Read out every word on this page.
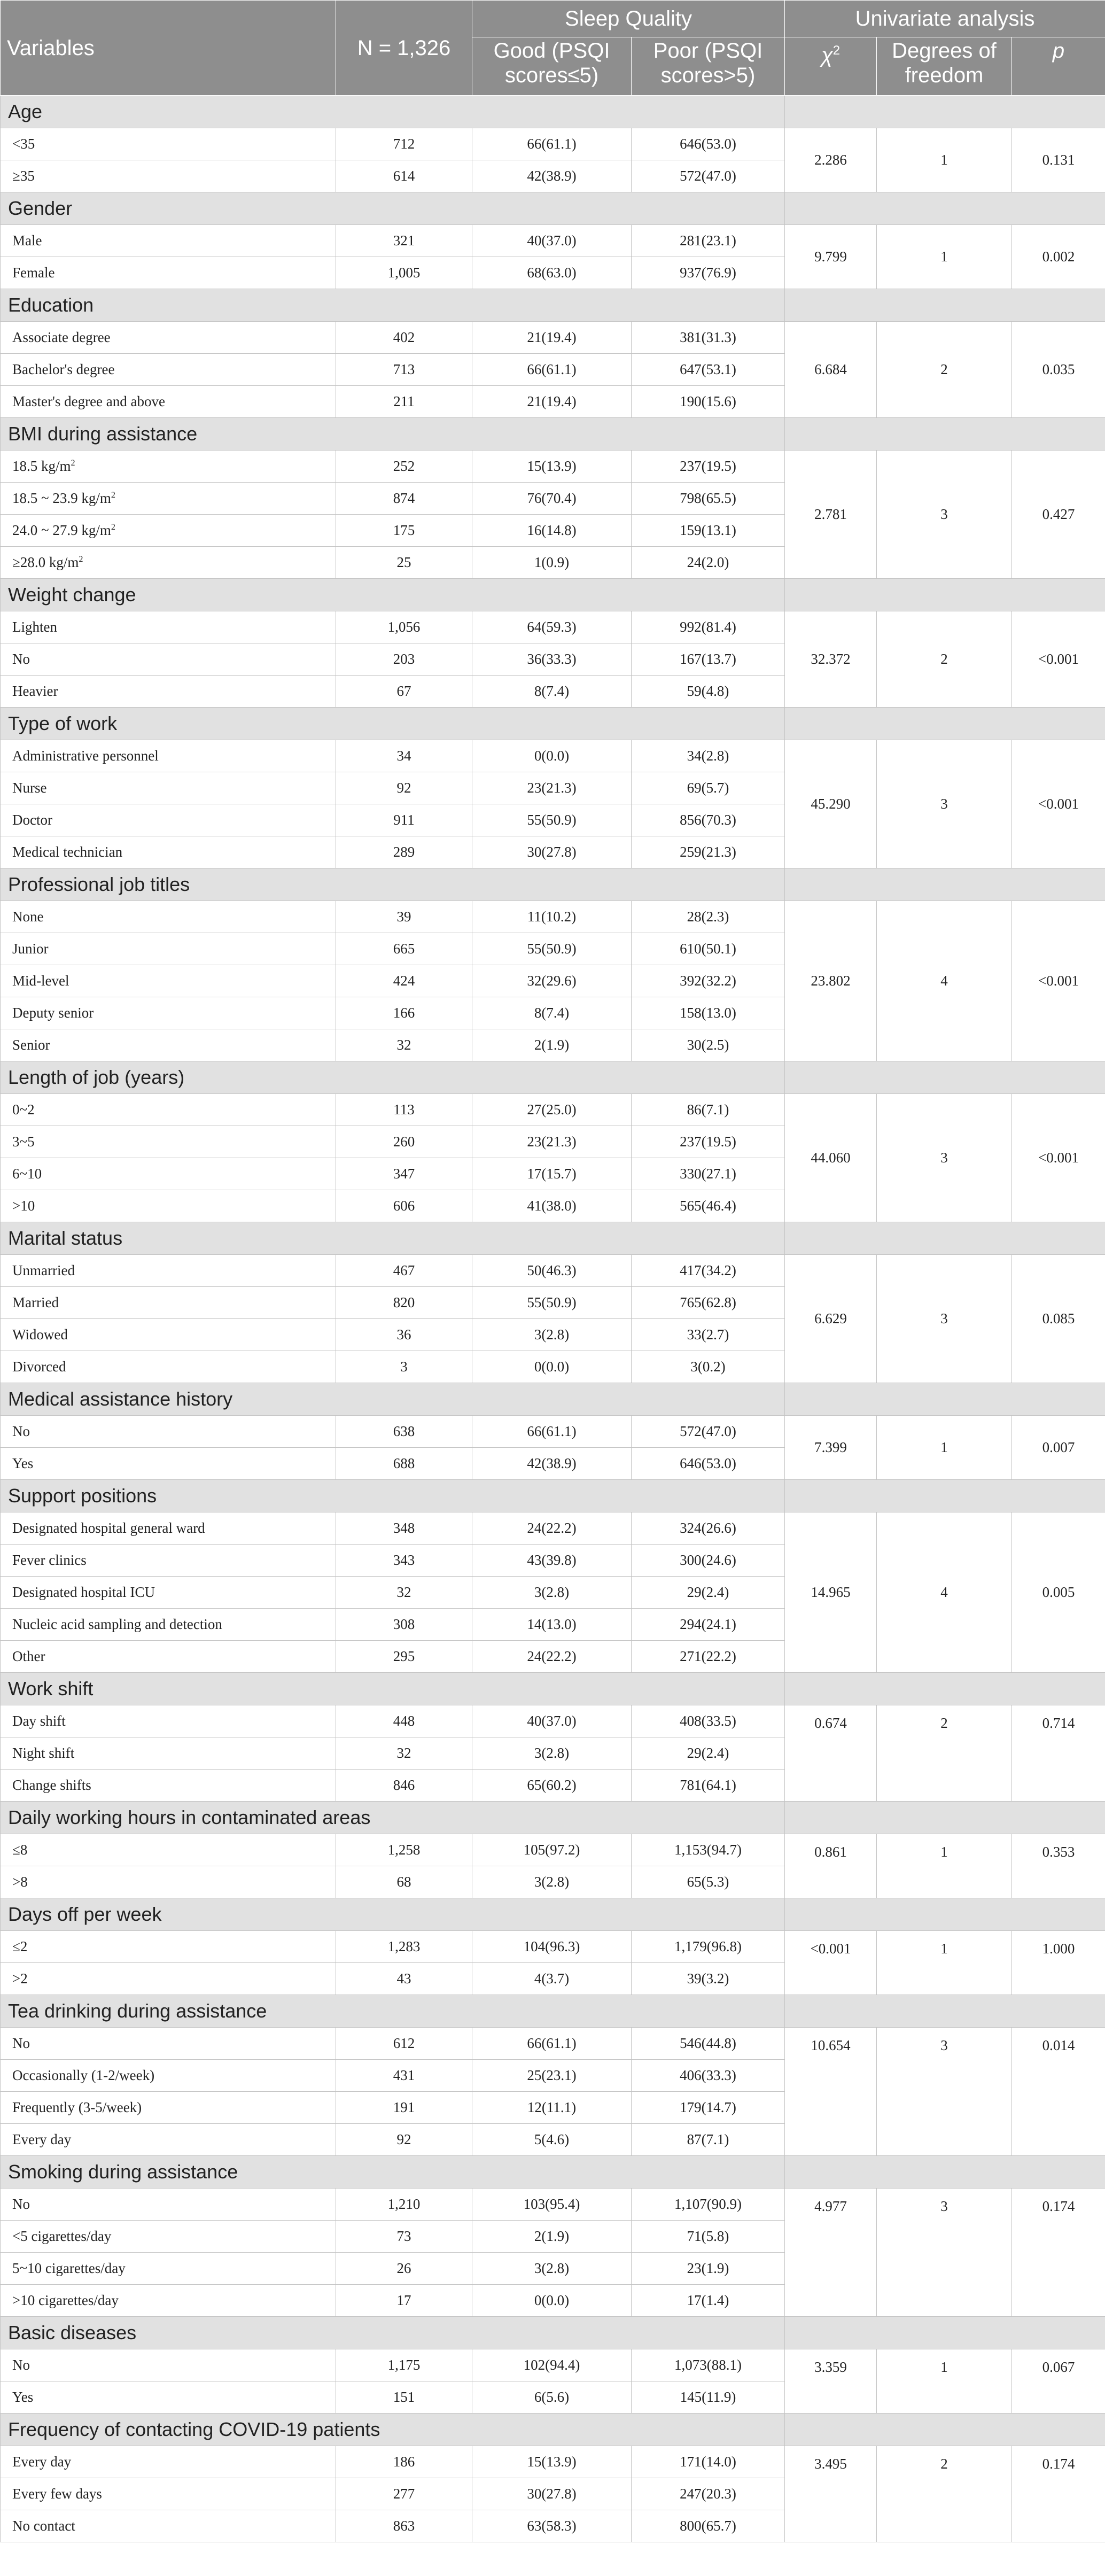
Variables	N = 1,326	Sleep Quality		Univariate analysis		
		Good (PSQI scores≤5)	Poor (PSQI scores>5)	$\chi^2$	Degrees of freedom	p
Age						
<35	712	66(61.1)	646(53.0)	2.286	1	0.131
≥35	614	42(38.9)	572(47.0)			
Gender						
Male	321	40(37.0)	281(23.1)	9.799	1	0.002
Female	1,005	68(63.0)	937(76.9)			
Education						
Associate degree	402	21(19.4)	381(31.3)	6.684	2	0.035
Bachelor's degree	713	66(61.1)	647(53.1)			
Master's degree and above	211	21(19.4)	190(15.6)			
BMI during assistance						
18.5 $kg/m^2$	252	15(13.9)	237(19.5)	2.781	3	0.427
18.5 ~ 23.9 $kg/m^2$	874	76(70.4)	798(65.5)			
24.0 ~ 27.9 $kg/m^2$	175	16(14.8)	159(13.1)			
≥28.0 $kg/m^2$	25	1(0.9)	24(2.0)			
Weight change						
Lighten	1,056	64(59.3)	992(81.4)	32.372	2	<0.001
No	203	36(33.3)	167(13.7)			
Heavier	67	8(7.4)	59(4.8)			
Type of work						
Administrative personnel	34	0(0.0)	34(2.8)	45.290	3	<0.001
Nurse	92	23(21.3)	69(5.7)			
Doctor	911	55(50.9)	856(70.3)			
Medical technician	289	30(27.8)	259(21.3)			
Professional job titles						
None	39	11(10.2)	28(2.3)	23.802	4	<0.001
Junior	665	55(50.9)	610(50.1)			
Mid-level	424	32(29.6)	392(32.2)			
Deputy senior	166	8(7.4)	158(13.0)			
Senior	32	2(1.9)	30(2.5)			
Length of job (years)						
0~2	113	27(25.0)	86(7.1)	44.060	3	<0.001
3~5	260	23(21.3)	237(19.5)			
6~10	347	17(15.7)	330(27.1)			
>10	606	41(38.0)	565(46.4)			
Marital status						
Unmarried	467	50(46.3)	417(34.2)	6.629	3	0.085
Married	820	55(50.9)	765(62.8)			
Widowed	36	3(2.8)	33(2.7)			
Divorced	3	0(0.0)	3(0.2)			
Medical assistance history						
No	638	66(61.1)	572(47.0)	7.399	1	0.007
Yes	688	42(38.9)	646(53.0)			
Support positions						
Designated hospital general ward	348	24(22.2)	324(26.6)	14.965	4	0.005
Fever clinics	343	43(39.8)	300(24.6)			
Designated hospital ICU	32	3(2.8)	29(2.4)			
Nucleic acid sampling and detection	308	14(13.0)	294(24.1)			
Other	295	24(22.2)	271(22.2)			
Work shift						
Day shift	448	40(37.0)	408(33.5)	0.674	2	0.714
Night shift	32	3(2.8)	29(2.4)			
Change shifts	846	65(60.2)	781(64.1)			
Daily working hours in contaminated areas						
≤8	1,258	105(97.2)	1,153(94.7)	0.861	1	0.353
>8	68	3(2.8)	65(5.3)			
Days off per week						
≤2	1,283	104(96.3)	1,179(96.8)	<0.001	1	1.000
>2	43	4(3.7)	39(3.2)			
Tea drinking during assistance						
No	612	66(61.1)	546(44.8)	10.654	3	0.014
Occasionally (1-2/week)	431	25(23.1)	406(33.3)			
Frequently (3-5/week)	191	12(11.1)	179(14.7)			
Every day	92	5(4.6)	87(7.1)			
Smoking during assistance						
No	1,210	103(95.4)	1,107(90.9)	4.977	3	0.174
<5 cigarettes/day	73	2(1.9)	71(5.8)			
5~10 cigarettes/day	26	3(2.8)	23(1.9)			
>10 cigarettes/day	17	0(0.0)	17(1.4)			
Basic diseases						
No	1,175	102(94.4)	1,073(88.1)	3.359	1	0.067
Yes	151	6(5.6)	145(11.9)			
Frequency of contacting COVID-19 patients						
Every day	186	15(13.9)	171(14.0)	3.495	2	0.174
Every few days	277	30(27.8)	247(20.3)			
No contact	863	63(58.3)	800(65.7)			
